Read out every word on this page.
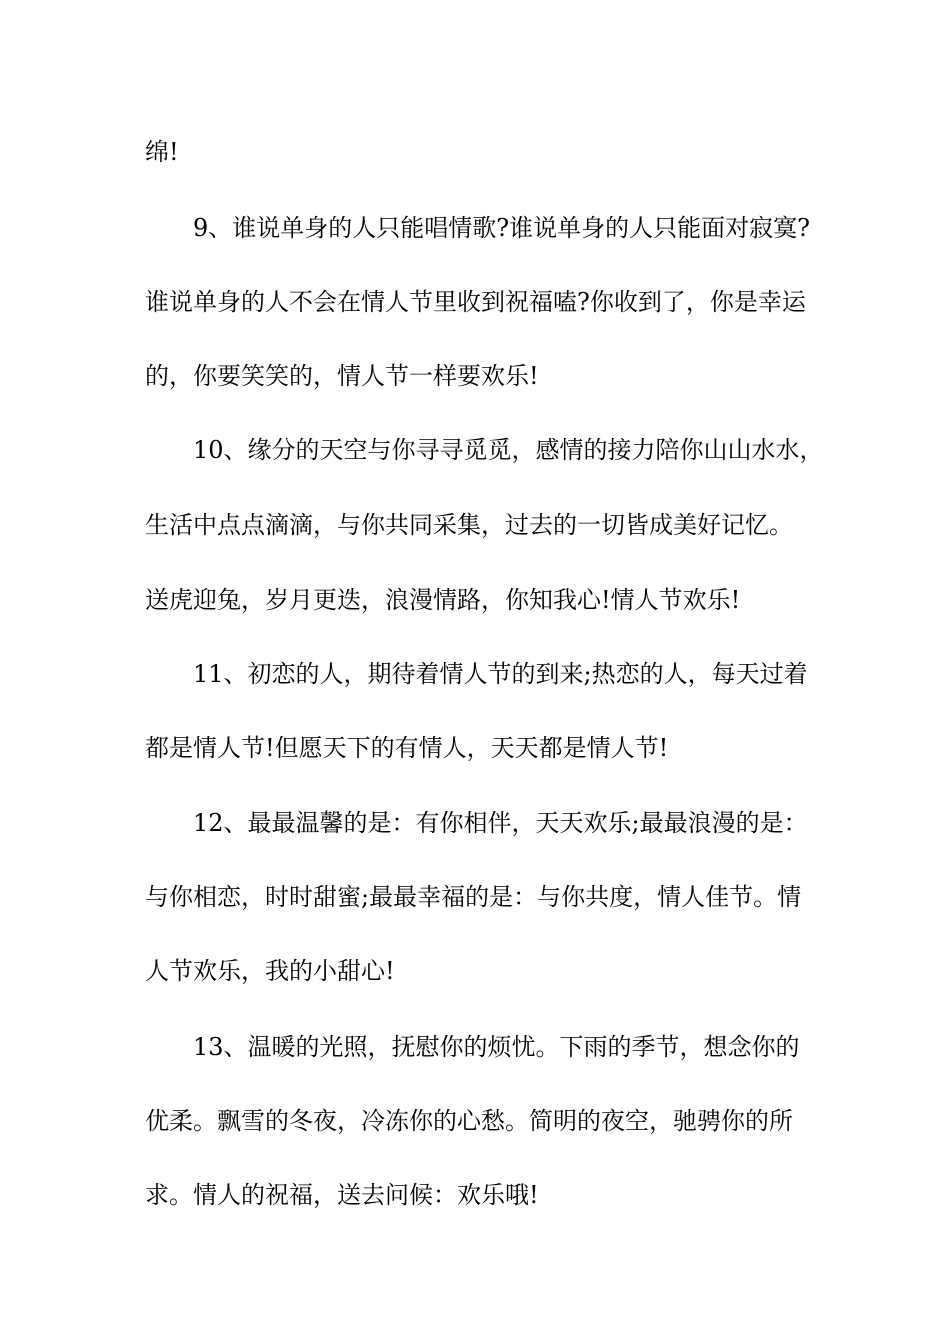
绵!
9、谁说单身的人只能唱情歌?谁说单身的人只能面对寂寞?
谁说单身的人不会在情人节里收到祝福嗑?你收到了，你是幸运
的，你要笑笑的，情人节一样要欢乐!
10、缘分的天空与你寻寻觅觅，感情的接力陪你山山水水，
生活中点点滴滴，与你共同采集，过去的一切皆成美好记忆。
送虎迎兔，岁月更迭，浪漫情路，你知我心!情人节欢乐!
11、初恋的人，期待着情人节的到来;热恋的人，每天过着
都是情人节!但愿天下的有情人，天天都是情人节!
12、最最温馨的是：有你相伴，天天欢乐;最最浪漫的是：
与你相恋，时时甜蜜;最最幸福的是：与你共度，情人佳节。情
人节欢乐，我的小甜心!
13、温暖的光照，抚慰你的烦忧。下雨的季节，想念你的
优柔。飘雪的冬夜，冷冻你的心愁。简明的夜空，驰骋你的所
求。情人的祝福，送去问候：欢乐哦!
